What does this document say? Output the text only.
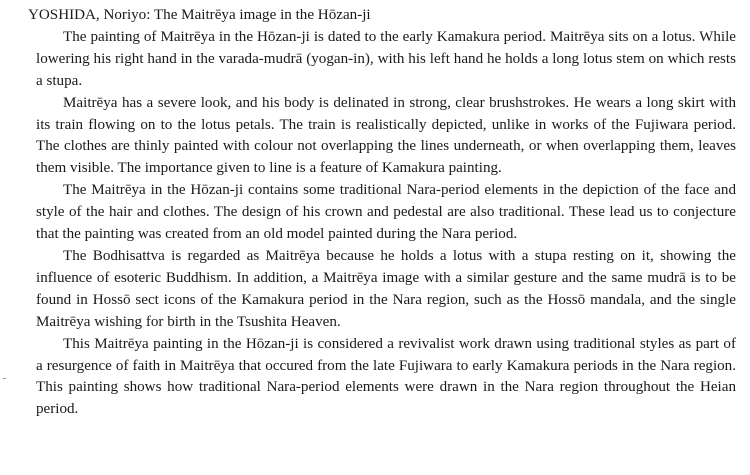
YOSHIDA, Noriyo: The Maitrēya image in the Hōzan-ji

The painting of Maitrēya in the Hōzan-ji is dated to the early Kamakura period. Maitrēya sits on a lotus. While lowering his right hand in the varada-mudrā (yogan-in), with his left hand he holds a long lotus stem on which rests a stupa.

Maitrēya has a severe look, and his body is delinated in strong, clear brushstrokes. He wears a long skirt with its train flowing on to the lotus petals. The train is realistically depicted, unlike in works of the Fujiwara period. The clothes are thinly painted with colour not overlapping the lines underneath, or when overlapping them, leaves them visible. The importance given to line is a feature of Kamakura painting.

The Maitrēya in the Hōzan-ji contains some traditional Nara-period elements in the depiction of the face and style of the hair and clothes. The design of his crown and pedestal are also traditional. These lead us to conjecture that the painting was created from an old model painted during the Nara period.

The Bodhisattva is regarded as Maitrēya because he holds a lotus with a stupa resting on it, showing the influence of esoteric Buddhism. In addition, a Maitrēya image with a similar gesture and the same mudrā is to be found in Hossō sect icons of the Kamakura period in the Nara region, such as the Hossō mandala, and the single Maitrēya wishing for birth in the Tsushita Heaven.

This Maitrēya painting in the Hōzan-ji is considered a revivalist work drawn using traditional styles as part of a resurgence of faith in Maitrēya that occured from the late Fujiwara to early Kamakura periods in the Nara region. This painting shows how traditional Nara-period elements were drawn in the Nara region throughout the Heian period.
